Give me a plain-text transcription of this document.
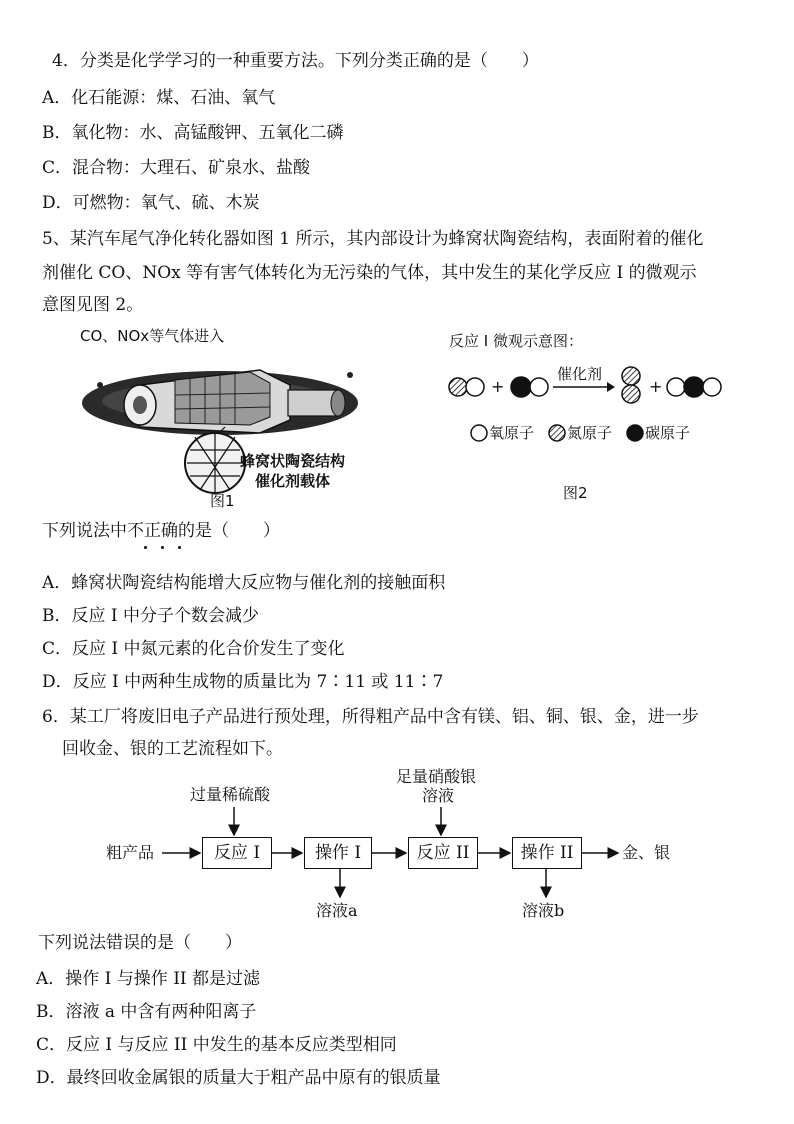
4．分类是化学学习的一种重要方法。下列分类正确的是（　　）
A．化石能源：煤、石油、氧气
B．氧化物：水、高锰酸钾、五氧化二磷
C．混合物：大理石、矿泉水、盐酸
D．可燃物：氧气、硫、木炭
5、某汽车尾气净化转化器如图 1 所示，其内部设计为蜂窝状陶瓷结构，表面附着的催化
剂催化 CO、NOx 等有害气体转化为无污染的气体，其中发生的某化学反应 I 的微观示
意图见图 2。
CO、NOx等气体进入
蜂窝状陶瓷结构
催化剂载体
图1
反应 I 微观示意图：
+
催化剂
+
氧原子 氮原子 碳原子
图2
下列说法中不正确的是（　　）
A．蜂窝状陶瓷结构能增大反应物与催化剂的接触面积
B．反应 I 中分子个数会减少
C．反应 I 中氮元素的化合价发生了变化
D．反应 I 中两种生成物的质量比为 7∶11 或 11∶7
6．某工厂将废旧电子产品进行预处理，所得粗产品中含有镁、铝、铜、银、金，进一步
回收金、银的工艺流程如下。
粗产品
过量稀硫酸
足量硝酸银
溶液
反应 I	操作 I	反应 II	操作 II	金、银
溶液a	溶液b
下列说法错误的是（　　）
A．操作 I 与操作 II 都是过滤
B．溶液 a 中含有两种阳离子
C．反应 I 与反应 II 中发生的基本反应类型相同
D．最终回收金属银的质量大于粗产品中原有的银质量
